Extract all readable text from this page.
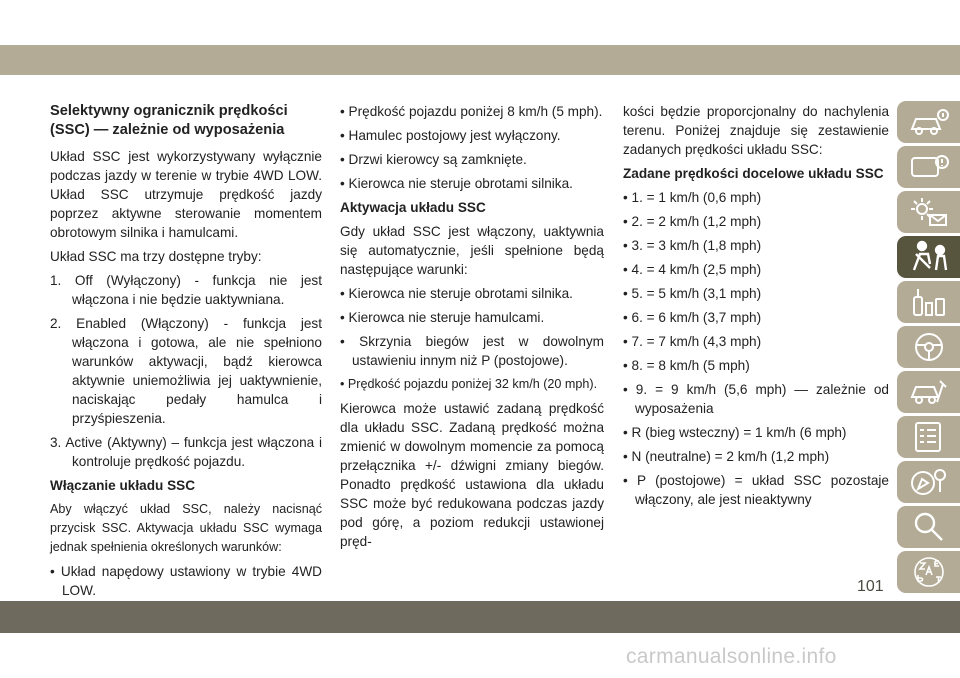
Selektywny ogranicznik prędkości (SSC) — zależnie od wyposażenia

Układ SSC jest wykorzystywany wyłącznie podczas jazdy w terenie w trybie 4WD LOW. Układ SSC utrzymuje prędkość jazdy poprzez aktywne sterowanie momentem obrotowym silnika i hamulcami.

Układ SSC ma trzy dostępne tryby:

1. Off (Wyłączony) - funkcja nie jest włączona i nie będzie uaktywniana.

2. Enabled (Włączony) - funkcja jest włączona i gotowa, ale nie spełniono warunków aktywacji, bądź kierowca aktywnie uniemożliwia jej uaktywnienie, naciskając pedały hamulca i przyśpieszenia.

3. Active (Aktywny) – funkcja jest włączona i kontroluje prędkość pojazdu.

Włączanie układu SSC

Aby włączyć układ SSC, należy nacisnąć przycisk SSC. Aktywacja układu SSC wymaga jednak spełnienia określonych warunków:

• Układ napędowy ustawiony w trybie 4WD LOW.

• Prędkość pojazdu poniżej 8 km/h (5 mph).

• Hamulec postojowy jest wyłączony.

• Drzwi kierowcy są zamknięte.

• Kierowca nie steruje obrotami silnika.

Aktywacja układu SSC

Gdy układ SSC jest włączony, uaktywnia się automatycznie, jeśli spełnione będą następujące warunki:

• Kierowca nie steruje obrotami silnika.

• Kierowca nie steruje hamulcami.

• Skrzynia biegów jest w dowolnym ustawieniu innym niż P (postojowe).

• Prędkość pojazdu poniżej 32 km/h (20 mph).

Kierowca może ustawić zadaną prędkość dla układu SSC. Zadaną prędkość można zmienić w dowolnym momencie za pomocą przełącznika +/- dźwigni zmiany biegów. Ponadto prędkość ustawiona dla układu SSC może być redukowana podczas jazdy pod górę, a poziom redukcji ustawionej pręd-

kości będzie proporcjonalny do nachylenia terenu. Poniżej znajduje się zestawienie zadanych prędkości układu SSC:

Zadane prędkości docelowe układu SSC

• 1. = 1 km/h (0,6 mph)

• 2. = 2 km/h (1,2 mph)

• 3. = 3 km/h (1,8 mph)

• 4. = 4 km/h (2,5 mph)

• 5. = 5 km/h (3,1 mph)

• 6. = 6 km/h (3,7 mph)

• 7. = 7 km/h (4,3 mph)

• 8. = 8 km/h (5 mph)

• 9. = 9 km/h (5,6 mph) — zależnie od wyposażenia

• R (bieg wsteczny) = 1 km/h (6 mph)

• N (neutralne) = 2 km/h (1,2 mph)

• P (postojowe) = układ SSC pozostaje włączony, ale jest nieaktywny

101
carmanualsonline.info
